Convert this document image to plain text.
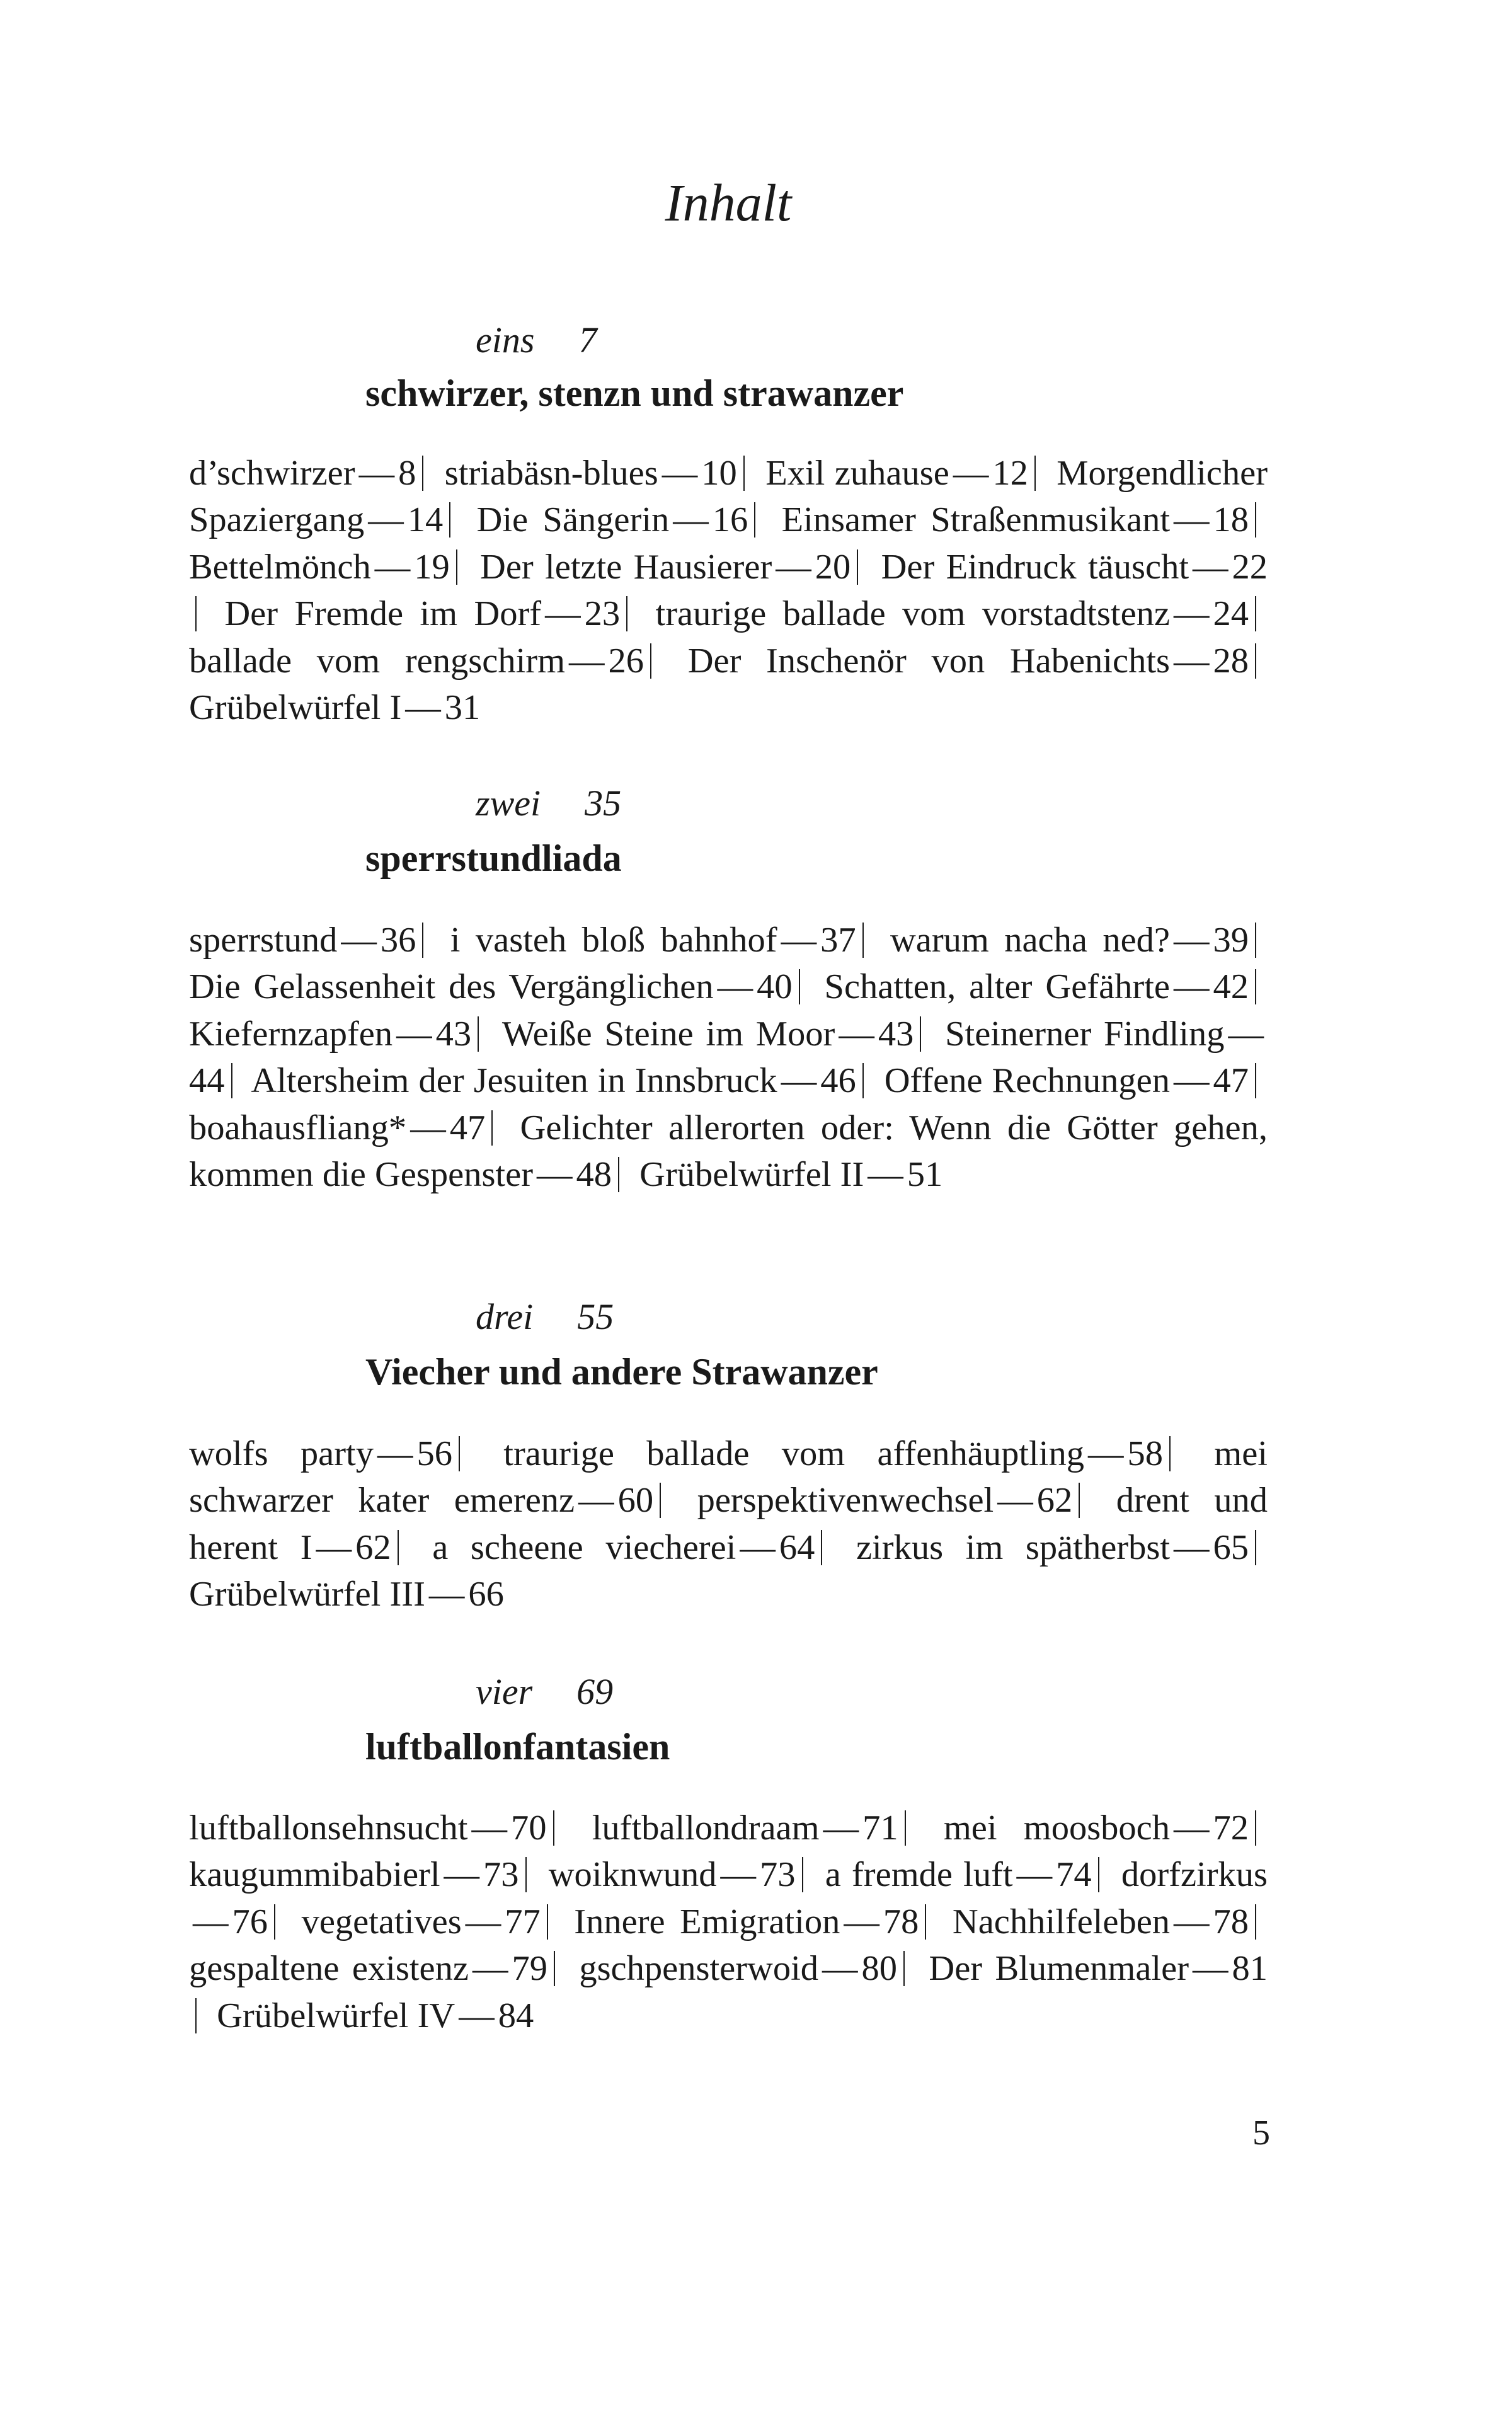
Inhalt
eins 7
schwirzer, stenzn und strawanzer
d’schwirzer — 8 striabäsn-blues — 10 Exil zuhause — 12 Morgendlicher Spaziergang — 14 Die Sängerin — 16 Einsamer Straßenmusikant — 18 Bettelmönch — 19 Der letzte Hausierer — 20 Der Eindruck täuscht — 22 Der Fremde im Dorf — 23 traurige ballade vom vorstadtstenz — 24 ballade vom rengschirm — 26 Der Inschenör von Habenichts — 28 Grübelwürfel I — 31
zwei 35
sperrstundliada
sperrstund — 36 i vasteh bloß bahnhof — 37 warum nacha ned? — 39 Die Gelassenheit des Vergänglichen — 40 Schatten, alter Gefährte — 42 Kiefernzapfen — 43 Weiße Steine im Moor — 43 Steinerner Findling —44 Altersheim der Jesuiten in Innsbruck — 46 Offene Rechnungen — 47 boahausfliang* — 47 Gelichter allerorten oder: Wenn die Götter gehen, kommen die Gespenster — 48 Grübelwürfel II — 51
drei 55
Viecher und andere Strawanzer
wolfs party — 56 traurige ballade vom affenhäuptling — 58 mei schwarzer kater emerenz — 60 perspektivenwechsel — 62 drent und herent I — 62 a scheene viecherei — 64 zirkus im spätherbst — 65 Grübelwürfel III — 66
vier 69
luftballonfantasien
luftballonsehnsucht — 70 luftballondraam — 71 mei moosboch — 72 kaugummibabierl — 73 woiknwund — 73 a fremde luft — 74 dorfzirkus— 76 vegetatives — 77 Innere Emigration — 78 Nachhilfeleben — 78 gespaltene existenz — 79 gschpensterwoid — 80 Der Blumenmaler — 81 Grübelwürfel IV — 84
5
